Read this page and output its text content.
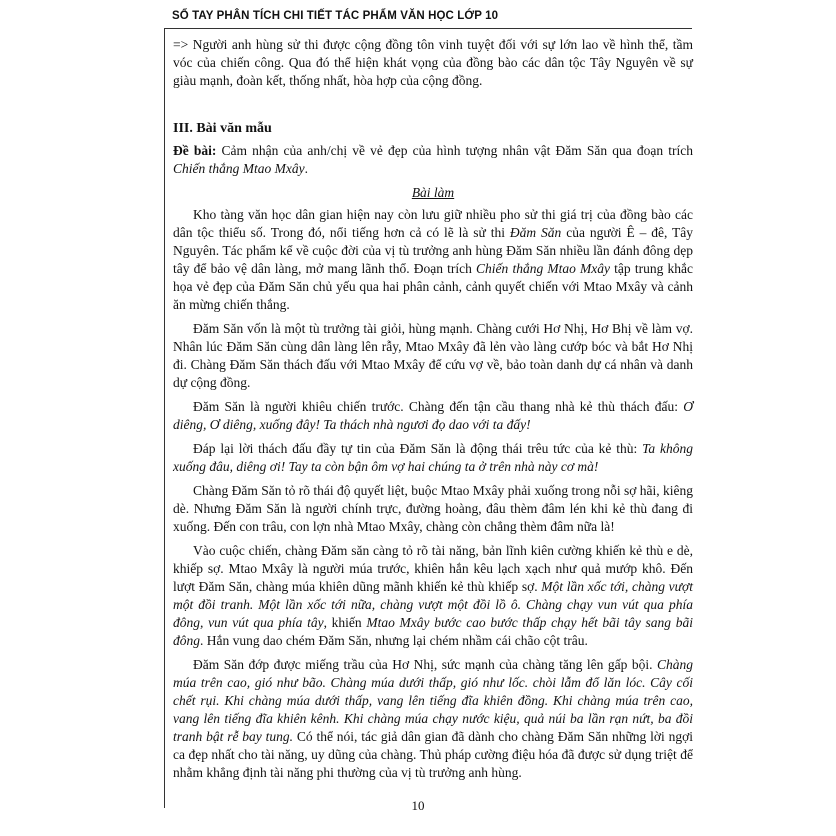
SỔ TAY PHÂN TÍCH CHI TIẾT TÁC PHẨM VĂN HỌC LỚP 10

=> Người anh hùng sử thi được cộng đồng tôn vinh tuyệt đối với sự lớn lao về hình thể, tầm vóc của chiến công. Qua đó thể hiện khát vọng của đồng bào các dân tộc Tây Nguyên về sự giàu mạnh, đoàn kết, thống nhất, hòa hợp của cộng đồng.

III. Bài văn mẫu

Đề bài: Cảm nhận của anh/chị về vẻ đẹp của hình tượng nhân vật Đăm Săn qua đoạn trích Chiến thắng Mtao Mxây.

Bài làm

Kho tàng văn học dân gian hiện nay còn lưu giữ nhiều pho sử thi giá trị của đồng bào các dân tộc thiểu số. Trong đó, nổi tiếng hơn cả có lẽ là sử thi Đăm Săn của người Ê – đê, Tây Nguyên. Tác phẩm kể về cuộc đời của vị tù trưởng anh hùng Đăm Săn nhiều lần đánh đông dẹp tây để bảo vệ dân làng, mở mang lãnh thổ. Đoạn trích Chiến thắng Mtao Mxây tập trung khắc họa vẻ đẹp của Đăm Săn chủ yếu qua hai phân cảnh, cảnh quyết chiến với Mtao Mxây và cảnh ăn mừng chiến thắng.

Đăm Săn vốn là một tù trưởng tài giỏi, hùng mạnh. Chàng cưới Hơ Nhị, Hơ Bhị về làm vợ. Nhân lúc Đăm Săn cùng dân làng lên rẫy, Mtao Mxây đã lẻn vào làng cướp bóc và bắt Hơ Nhị đi. Chàng Đăm Săn thách đấu với Mtao Mxây để cứu vợ về, bảo toàn danh dự cá nhân và danh dự cộng đồng.

Đăm Săn là người khiêu chiến trước. Chàng đến tận cầu thang nhà kẻ thù thách đấu: Ơ diêng, Ơ diêng, xuống đây! Ta thách nhà ngươi đọ dao với ta đấy!

Đáp lại lời thách đấu đầy tự tin của Đăm Săn là động thái trêu tức của kẻ thù: Ta không xuống đâu, diêng ơi! Tay ta còn bận ôm vợ hai chúng ta ở trên nhà này cơ mà!

Chàng Đăm Săn tỏ rõ thái độ quyết liệt, buộc Mtao Mxây phải xuống trong nỗi sợ hãi, kiêng dè. Nhưng Đăm Săn là người chính trực, đường hoàng, đâu thèm đâm lén khi kẻ thù đang đi xuống. Đến con trâu, con lợn nhà Mtao Mxây, chàng còn chẳng thèm đâm nữa là!

Vào cuộc chiến, chàng Đăm săn càng tỏ rõ tài năng, bản lĩnh kiên cường khiến kẻ thù e dè, khiếp sợ. Mtao Mxây là người múa trước, khiên hắn kêu lạch xạch như quả mướp khô. Đến lượt Đăm Săn, chàng múa khiên dũng mãnh khiến kẻ thù khiếp sợ. Một lần xốc tới, chàng vượt một đồi tranh. Một lần xốc tới nữa, chàng vượt một đồi lồ ô. Chàng chạy vun vút qua phía đông, vun vút qua phía tây, khiến Mtao Mxây bước cao bước thấp chạy hết bãi tây sang bãi đông. Hắn vung dao chém Đăm Săn, nhưng lại chém nhầm cái chão cột trâu.

Đăm Săn đớp được miếng trầu của Hơ Nhị, sức mạnh của chàng tăng lên gấp bội. Chàng múa trên cao, gió như bão. Chàng múa dưới thấp, gió như lốc. chòi lẫm đổ lăn lóc. Cây cối chết rụi. Khi chàng múa dưới thấp, vang lên tiếng đĩa khiên đồng. Khi chàng múa trên cao, vang lên tiếng đĩa khiên kênh. Khi chàng múa chạy nước kiệu, quả núi ba lần rạn nứt, ba đồi tranh bật rễ bay tung. Có thể nói, tác giả dân gian đã dành cho chàng Đăm Săn những lời ngợi ca đẹp nhất cho tài năng, uy dũng của chàng. Thủ pháp cường điệu hóa đã được sử dụng triệt để nhằm khẳng định tài năng phi thường của vị tù trưởng anh hùng.

10
